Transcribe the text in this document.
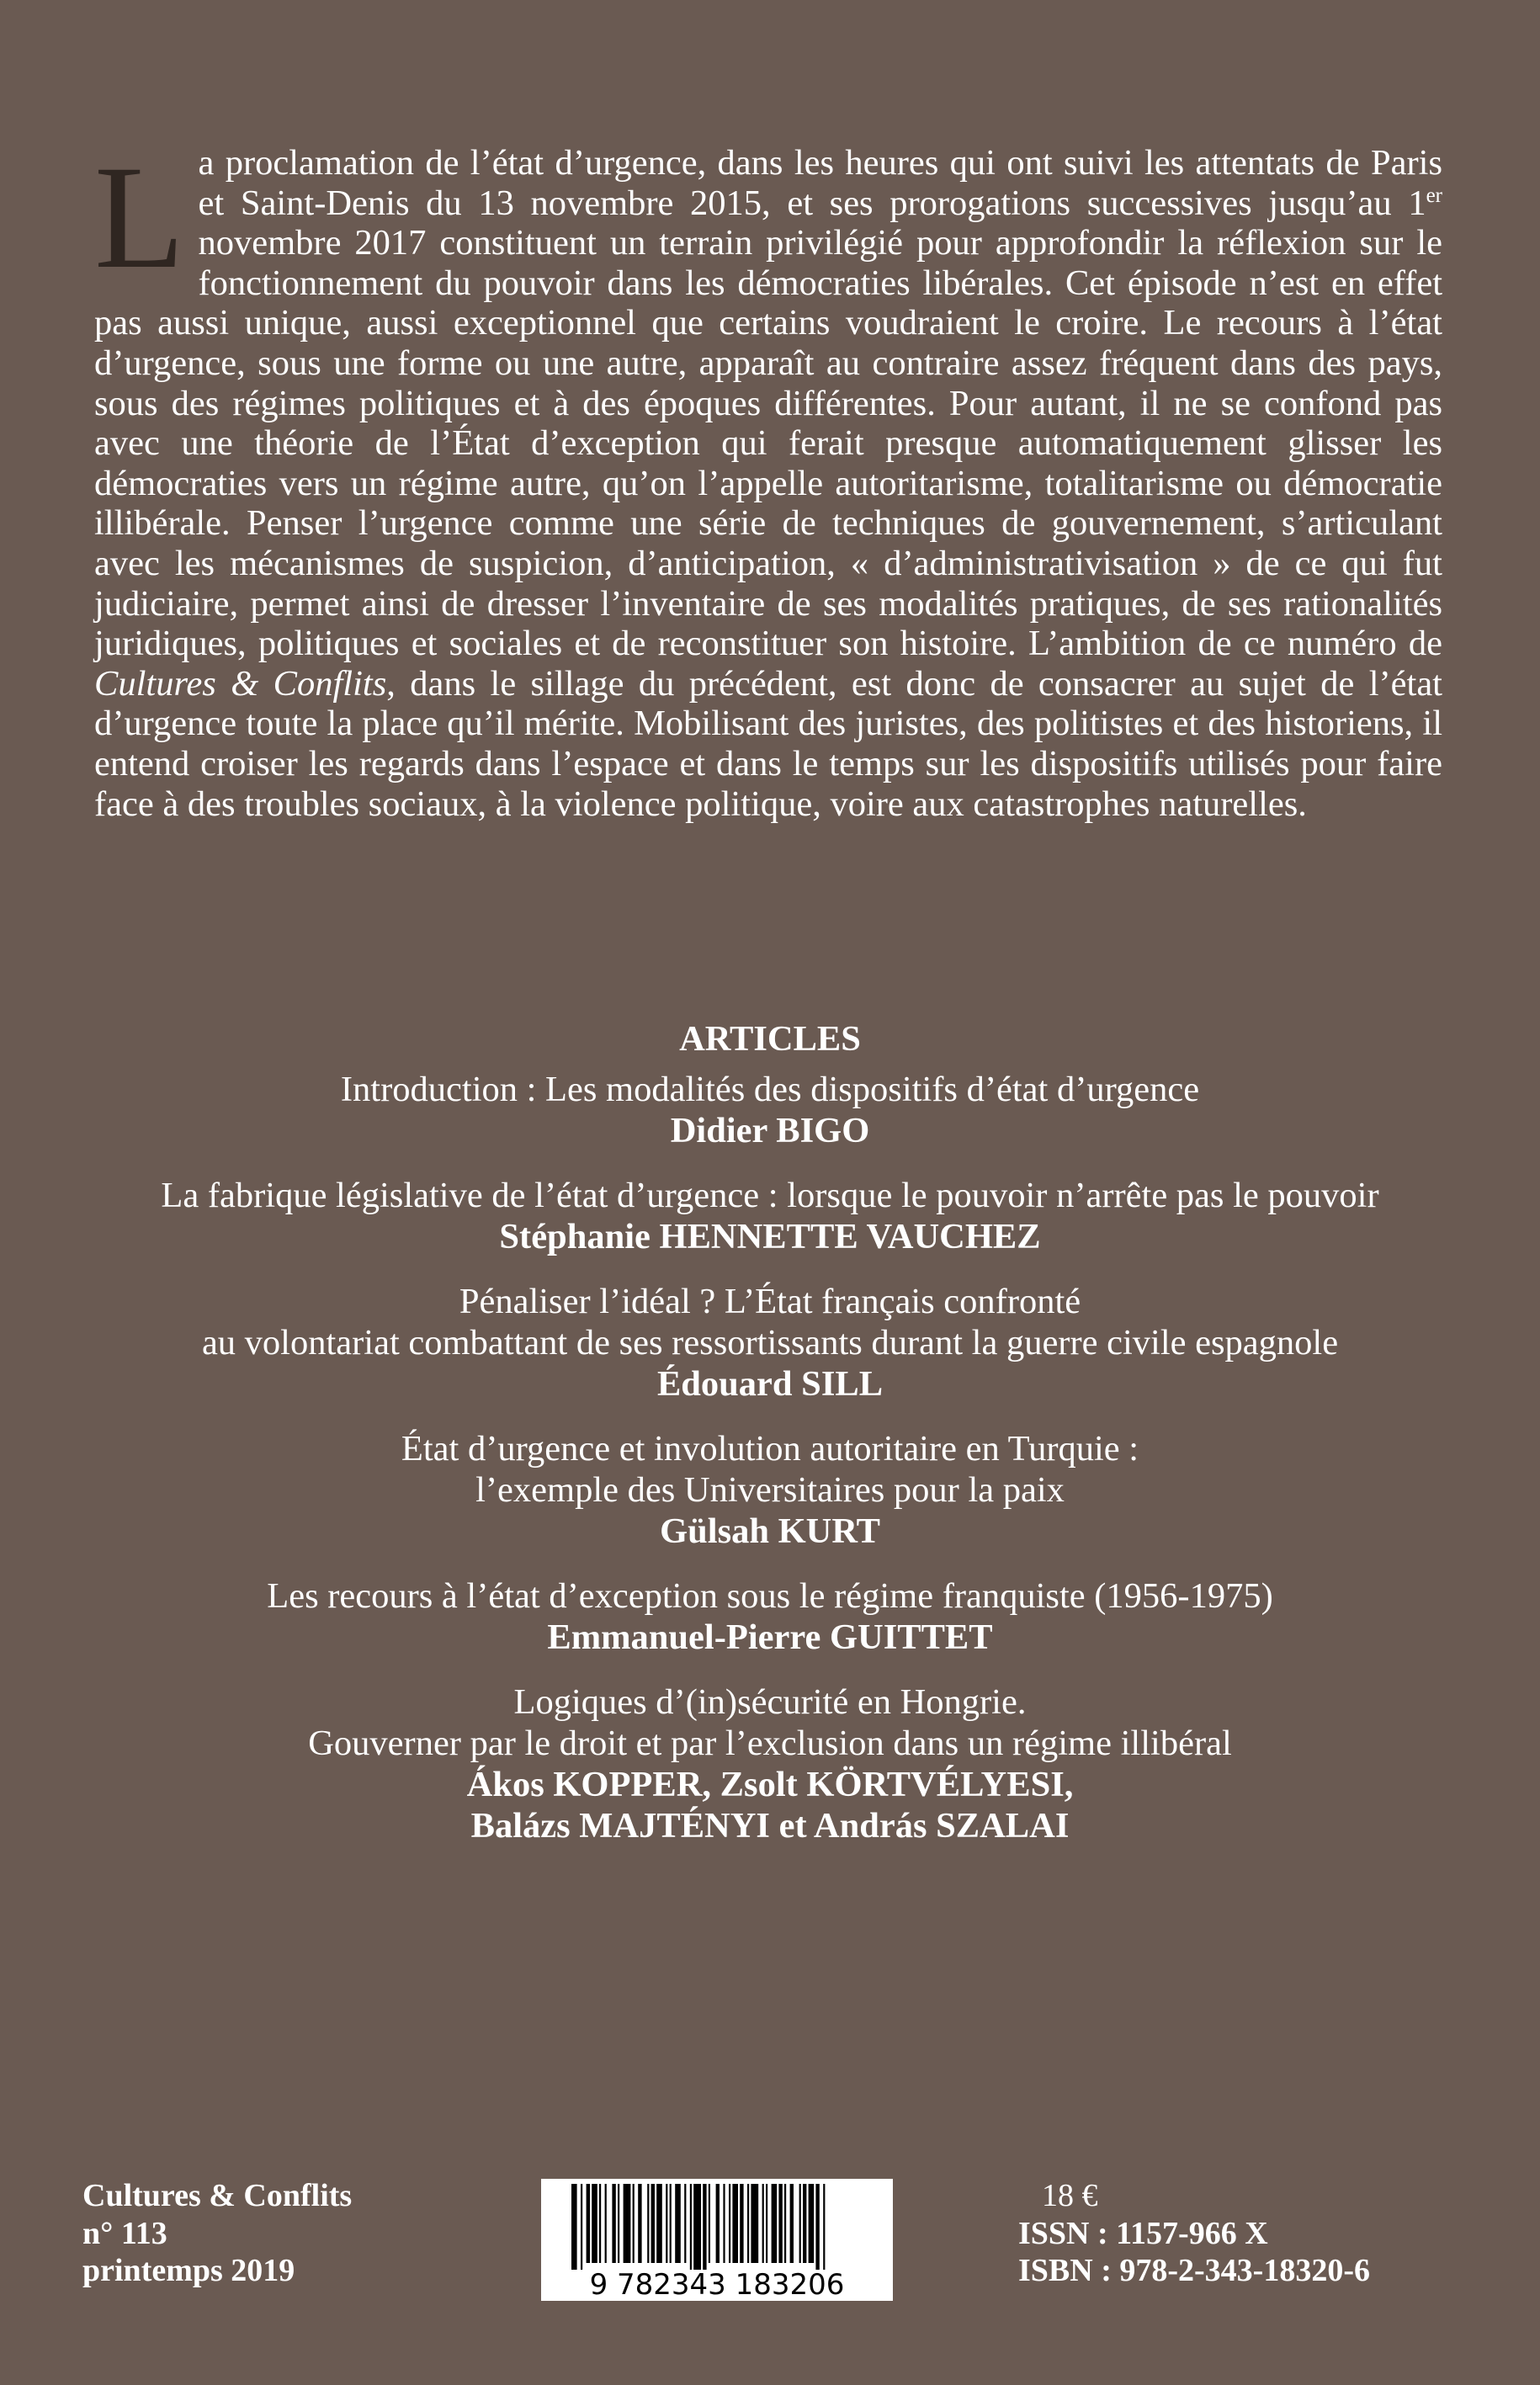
La proclamation de l’état d’urgence, dans les heures qui ont suivi les attentats de Paris et Saint-Denis du 13 novembre 2015, et ses prorogations successives jusqu’au 1er novembre 2017 constituent un terrain privilégié pour approfondir la réflexion sur le fonctionnement du pouvoir dans les démocraties libérales. Cet épisode n’est en effet pas aussi unique, aussi exceptionnel que certains voudraient le croire. Le recours à l’état d’urgence, sous une forme ou une autre, apparaît au contraire assez fréquent dans des pays, sous des régimes politiques et à des époques différentes. Pour autant, il ne se confond pas avec une théorie de l’État d’exception qui ferait presque automatiquement glisser les démocraties vers un régime autre, qu’on l’appelle autoritarisme, totalitarisme ou démocratie illibérale. Penser l’urgence comme une série de techniques de gouvernement, s’articulant avec les mécanismes de suspicion, d’anticipation, « d’administrativisation » de ce qui fut judiciaire, permet ainsi de dresser l’inventaire de ses modalités pratiques, de ses rationalités juridiques, politiques et sociales et de reconstituer son histoire. L’ambition de ce numéro de Cultures & Conflits, dans le sillage du précédent, est donc de consacrer au sujet de l’état d’urgence toute la place qu’il mérite. Mobilisant des juristes, des politistes et des historiens, il entend croiser les regards dans l’espace et dans le temps sur les dispositifs utilisés pour faire face à des troubles sociaux, à la violence politique, voire aux catastrophes naturelles.
ARTICLES
Introduction : Les modalités des dispositifs d’état d’urgence
Didier BIGO
La fabrique législative de l’état d’urgence : lorsque le pouvoir n’arrête pas le pouvoir
Stéphanie HENNETTE VAUCHEZ
Pénaliser l’idéal ? L’État français confronté
au volontariat combattant de ses ressortissants durant la guerre civile espagnole
Édouard SILL
État d’urgence et involution autoritaire en Turquie :
l’exemple des Universitaires pour la paix
Gülsah KURT
Les recours à l’état d’exception sous le régime franquiste (1956-1975)
Emmanuel-Pierre GUITTET
Logiques d’(in)sécurité en Hongrie.
Gouverner par le droit et par l’exclusion dans un régime illibéral
Ákos KOPPER, Zsolt KÖRTVÉLYESI,
Balázs MAJTÉNYI et András SZALAI
Cultures & Conflits
n° 113
printemps 2019	9 782343 183206
18 €
ISSN : 1157-966 X
ISBN : 978-2-343-18320-6
